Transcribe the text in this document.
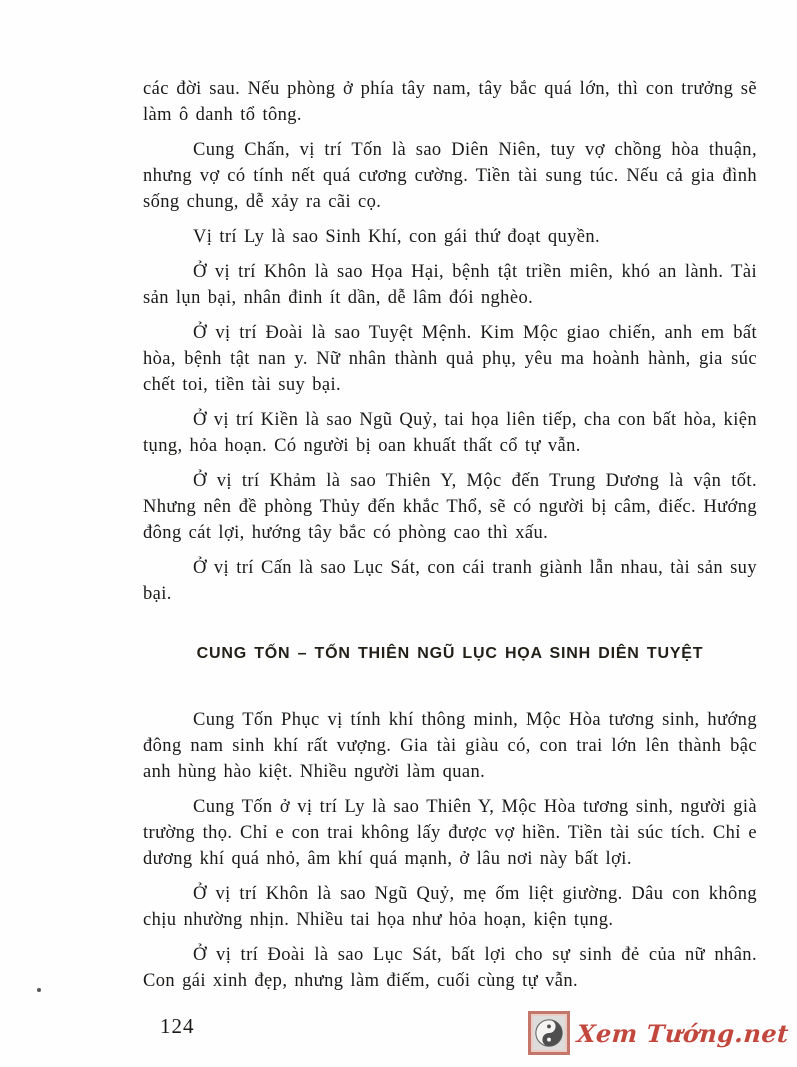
các đời sau. Nếu phòng ở phía tây nam, tây bắc quá lớn, thì con trưởng sẽ làm ô danh tổ tông.

Cung Chấn, vị trí Tốn là sao Diên Niên, tuy vợ chồng hòa thuận, nhưng vợ có tính nết quá cương cường. Tiền tài sung túc. Nếu cả gia đình sống chung, dễ xảy ra cãi cọ.

Vị trí Ly là sao Sinh Khí, con gái thứ đoạt quyền.

Ở vị trí Khôn là sao Họa Hại, bệnh tật triền miên, khó an lành. Tài sản lụn bại, nhân đinh ít dần, dễ lâm đói nghèo.

Ở vị trí Đoài là sao Tuyệt Mệnh. Kim Mộc giao chiến, anh em bất hòa, bệnh tật nan y. Nữ nhân thành quả phụ, yêu ma hoành hành, gia súc chết toi, tiền tài suy bại.

Ở vị trí Kiền là sao Ngũ Quỷ, tai họa liên tiếp, cha con bất hòa, kiện tụng, hỏa hoạn. Có người bị oan khuất thất cổ tự vẫn.

Ở vị trí Khảm là sao Thiên Y, Mộc đến Trung Dương là vận tốt. Nhưng nên đề phòng Thủy đến khắc Thổ, sẽ có người bị câm, điếc. Hướng đông cát lợi, hướng tây bắc có phòng cao thì xấu.

Ở vị trí Cấn là sao Lục Sát, con cái tranh giành lẫn nhau, tài sản suy bại.

CUNG TỐN – TỐN THIÊN NGŨ LỤC HỌA SINH DIÊN TUYỆT

Cung Tốn Phục vị tính khí thông minh, Mộc Hòa tương sinh, hướng đông nam sinh khí rất vượng. Gia tài giàu có, con trai lớn lên thành bậc anh hùng hào kiệt. Nhiều người làm quan.

Cung Tốn ở vị trí Ly là sao Thiên Y, Mộc Hòa tương sinh, người già trường thọ. Chỉ e con trai không lấy được vợ hiền. Tiền tài súc tích. Chỉ e dương khí quá nhỏ, âm khí quá mạnh, ở lâu nơi này bất lợi.

Ở vị trí Khôn là sao Ngũ Quỷ, mẹ ốm liệt giường. Dâu con không chịu nhường nhịn. Nhiều tai họa như hỏa hoạn, kiện tụng.

Ở vị trí Đoài là sao Lục Sát, bất lợi cho sự sinh đẻ của nữ nhân. Con gái xinh đẹp, nhưng làm điếm, cuối cùng tự vẫn.

124	Xem Tướng.net
